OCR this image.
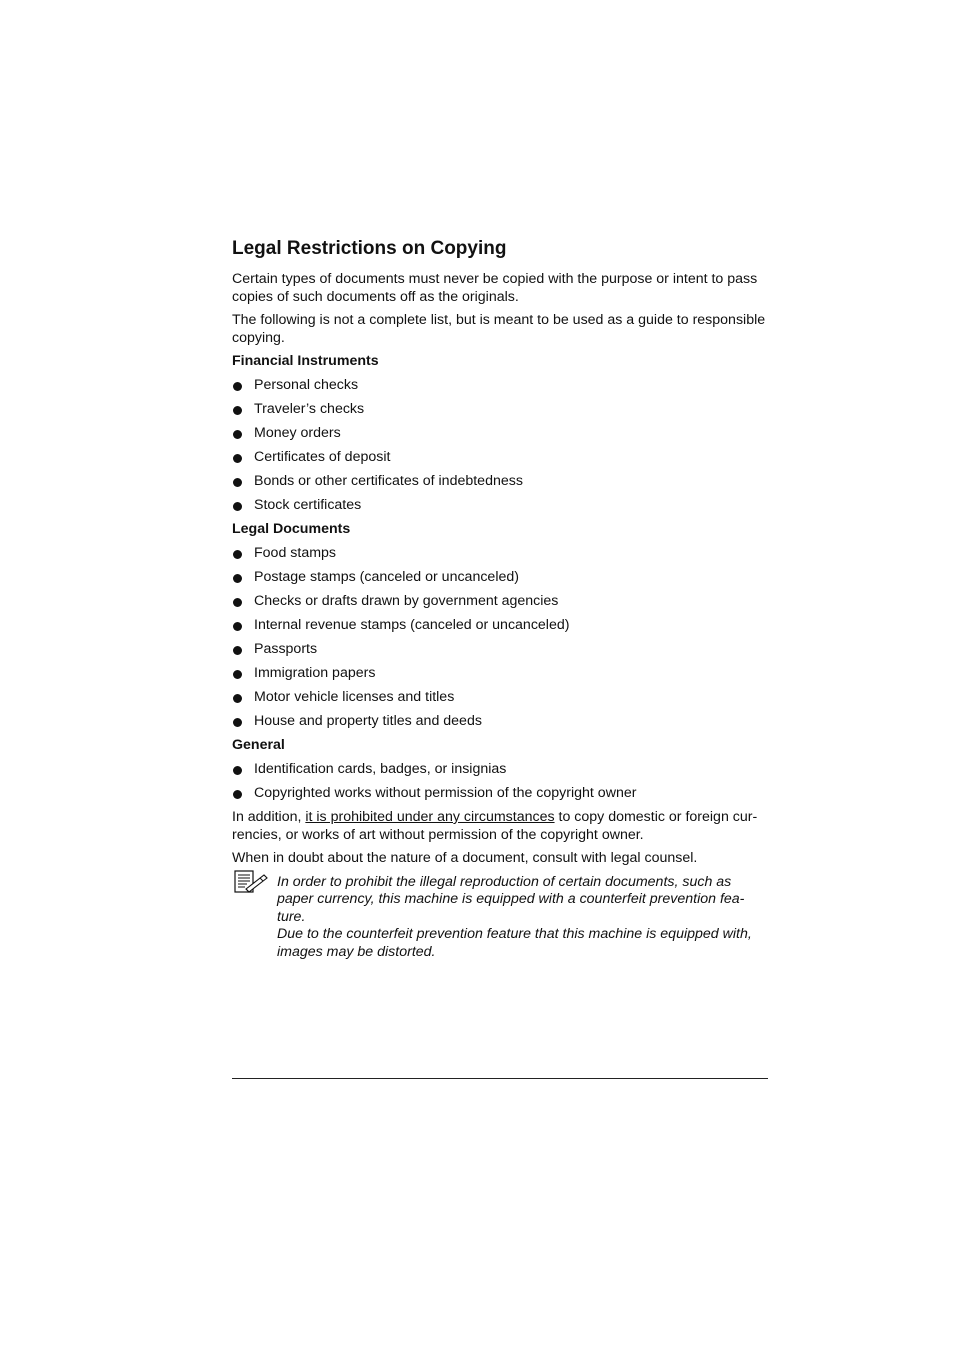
Legal Restrictions on Copying

Certain types of documents must never be copied with the purpose or intent to pass copies of such documents off as the originals.

The following is not a complete list, but is meant to be used as a guide to responsible copying.

Financial Instruments
Personal checks
Traveler’s checks
Money orders
Certificates of deposit
Bonds or other certificates of indebtedness
Stock certificates
Legal Documents
Food stamps
Postage stamps (canceled or uncanceled)
Checks or drafts drawn by government agencies
Internal revenue stamps (canceled or uncanceled)
Passports
Immigration papers
Motor vehicle licenses and titles
House and property titles and deeds
General
Identification cards, badges, or insignias
Copyrighted works without permission of the copyright owner

In addition, it is prohibited under any circumstances to copy domestic or foreign cur-rencies, or works of art without permission of the copyright owner.

When in doubt about the nature of a document, consult with legal counsel.

In order to prohibit the illegal reproduction of certain documents, such as paper currency, this machine is equipped with a counterfeit prevention fea-ture.

Due to the counterfeit prevention feature that this machine is equipped with, images may be distorted.
